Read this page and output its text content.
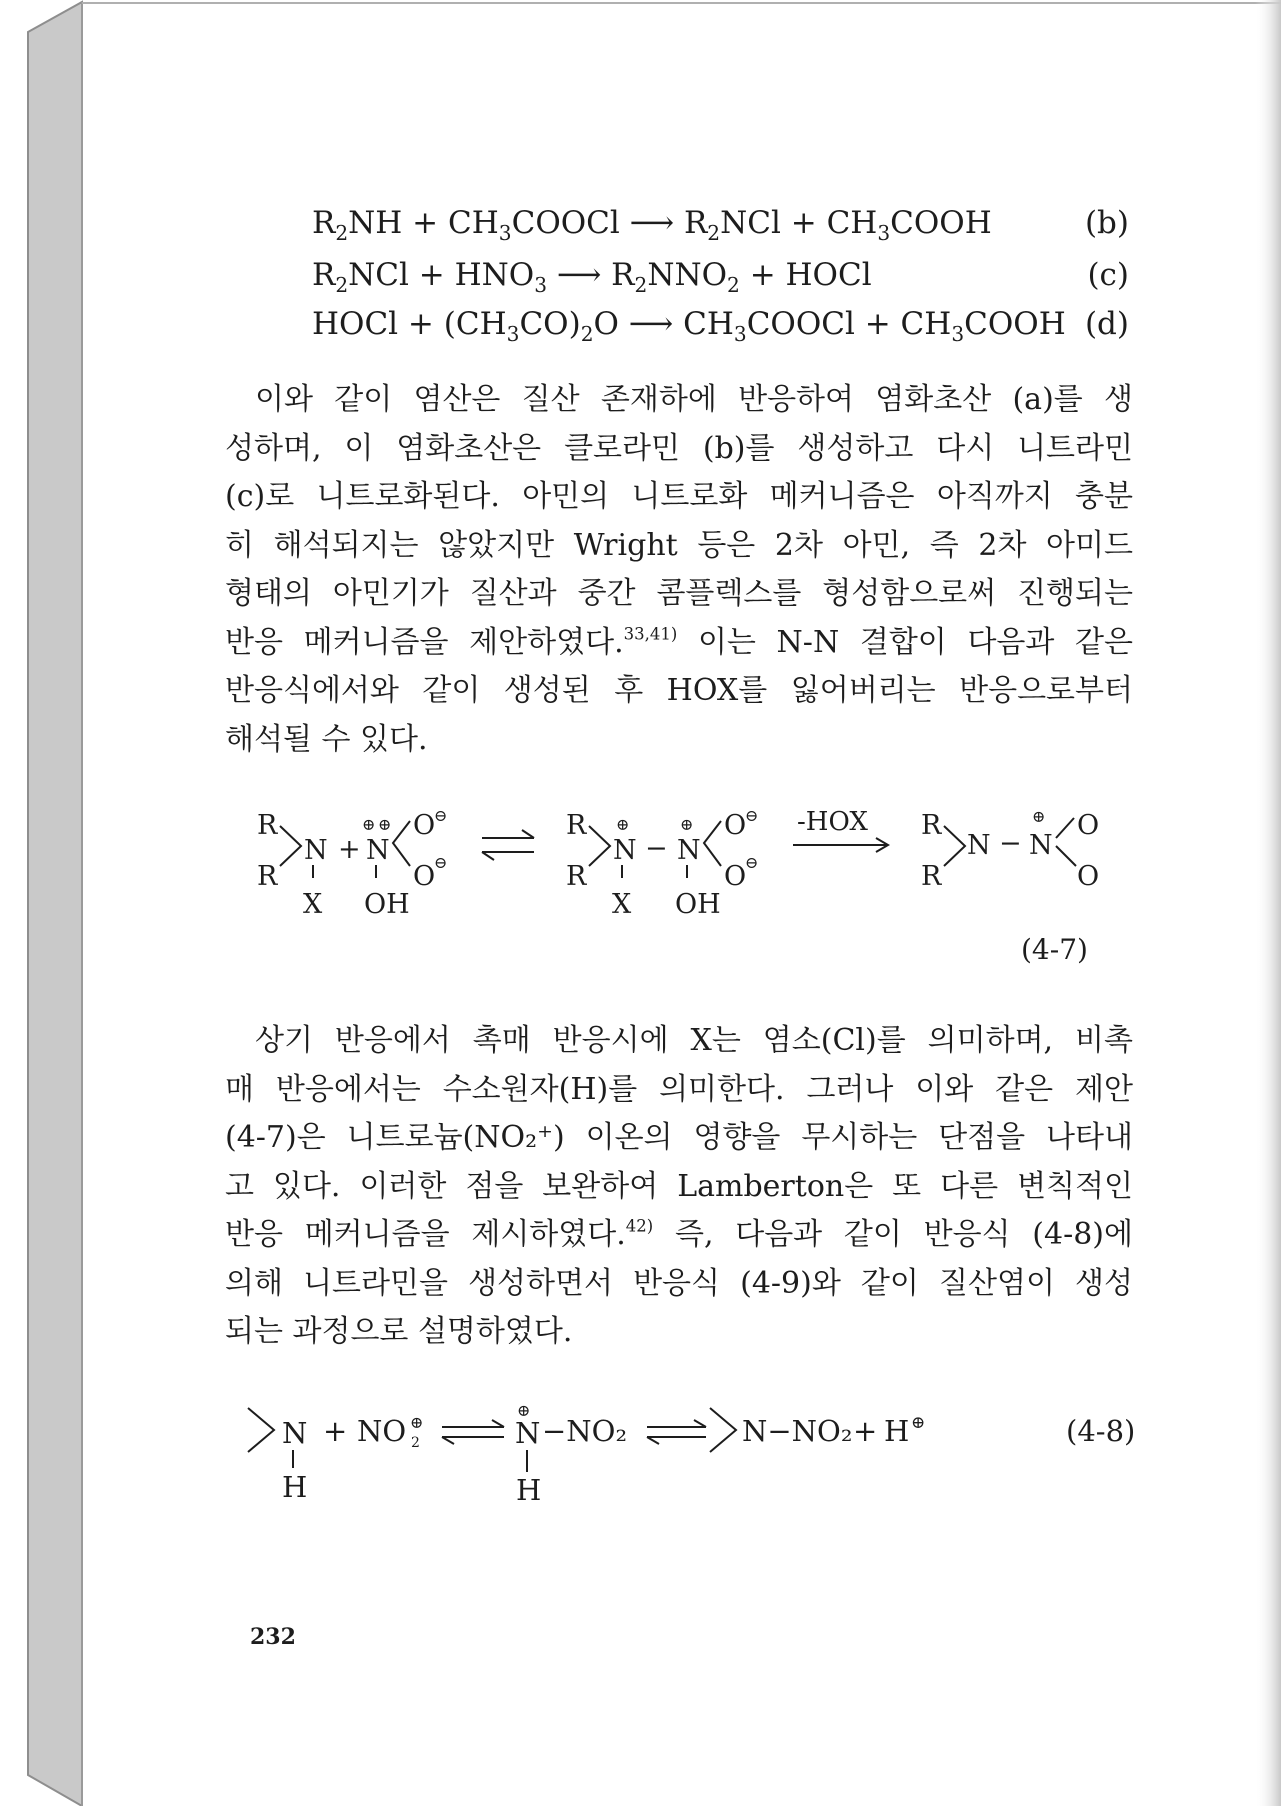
$R_2NH$ + $CH_3COOCl$ ⟶ $R_2NCl$ + $CH_3COOH$	(b)
$R_2NCl + HNO_3$ ⟶ $R_2NNO_2$ + HOCl	(c)
HOCl + $(CH_3CO)_2O$ ⟶ $CH_3COOCl$ + $CH_3COOH$ (d)
이와 같이 염산은 질산 존재하에 반응하여 염화초산 (a)를 생
성하며, 이 염화초산은 클로라민 (b)를 생성하고 다시 니트라민
(c)로 니트로화된다. 아민의 니트로화 메커니즘은 아직까지 충분
히 해석되지는 않았지만 Wright 등은 2차 아민, 즉 2차 아미드
형태의 아민기가 질산과 중간 콤플렉스를 형성함으로써 진행되는
반응 메커니즘을 제안하였다.$^{33,41)}$ 이는 N-N 결합이 다음과 같은
반응식에서와 같이 생성된 후 HOX를 잃어버리는 반응으로부터
해석될 수 있다.
R
R
N
X
+
⊕ ⊕
N
O
⊖
O
⊖
OH
R
R
⊕
N
X
−
⊕
N
O
⊖
O
⊖
OH
-HOX R
R
N −
⊕
N
O
O
(4-7)
상기 반응에서 촉매 반응시에 X는 염소(Cl)를 의미하며, 비촉
매 반응에서는 수소원자(H)를 의미한다. 그러나 이와 같은 제안
(4-7)은 니트로늄(NO₂⁺) 이온의 영향을 무시하는 단점을 나타내
고 있다. 이러한 점을 보완하여 Lamberton은 또 다른 변칙적인
반응 메커니즘을 제시하였다.$^{42)}$ 즉, 다음과 같이 반응식 (4-8)에
의해 니트라민을 생성하면서 반응식 (4-9)와 같이 질산염이 생성
되는 과정으로 설명하였다.
N
H
+ NO ⊕
2
⊕
N −NO₂
H
N−NO₂ + H ⊕	(4-8)
232
